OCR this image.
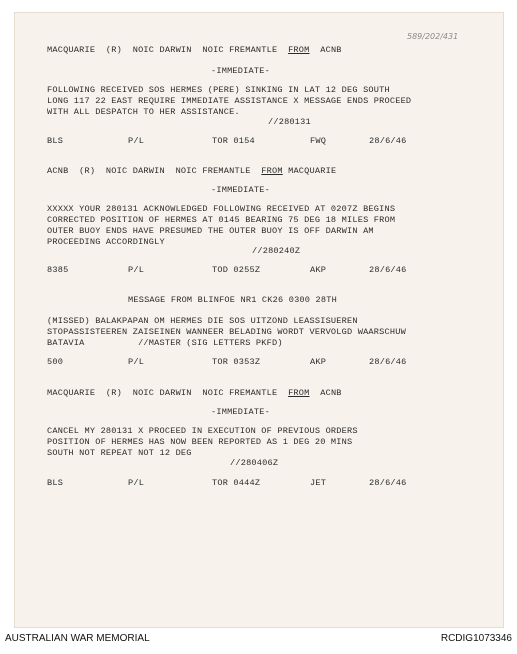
589/202/431
MACQUARIE  (R)  NOIC DARWIN  NOIC FREMANTLE  FROM  ACNB
-IMMEDIATE-
FOLLOWING RECEIVED SOS HERMES (PERE) SINKING IN LAT 12 DEG SOUTH
LONG 117 22 EAST REQUIRE IMMEDIATE ASSISTANCE X MESSAGE ENDS PROCEED
WITH ALL DESPATCH TO HER ASSISTANCE.
//280131
BLS	P/L	TOR 0154	FWQ	28/6/46
ACNB  (R)  NOIC DARWIN  NOIC FREMANTLE  FROM MACQUARIE
-IMMEDIATE-
XXXXX YOUR 280131 ACKNOWLEDGED FOLLOWING RECEIVED AT 0207Z BEGINS
CORRECTED POSITION OF HERMES AT 0145 BEARING 75 DEG 18 MILES FROM
OUTER BUOY ENDS HAVE PRESUMED THE OUTER BUOY IS OFF DARWIN AM
PROCEEDING ACCORDINGLY
//280240Z
8385	P/L	TOD 0255Z	AKP	28/6/46
MESSAGE FROM BLINFOE NR1 CK26 0300 28TH
(MISSED) BALAKPAPAN OM HERMES DIE SOS UITZOND LEASSISUEREN
STOPASSISTEEREN ZAISEINEN WANNEER BELADING WORDT VERVOLGD WAARSCHUW
BATAVIA          //MASTER (SIG LETTERS PKFD)
500	P/L	TOR 0353Z	AKP	28/6/46
MACQUARIE  (R)  NOIC DARWIN  NOIC FREMANTLE  FROM  ACNB
-IMMEDIATE-
CANCEL MY 280131 X PROCEED IN EXECUTION OF PREVIOUS ORDERS
POSITION OF HERMES HAS NOW BEEN REPORTED AS 1 DEG 20 MINS
SOUTH NOT REPEAT NOT 12 DEG
//280406Z
BLS	P/L	TOR 0444Z	JET	28/6/46
AUSTRALIAN WAR MEMORIAL	RCDIG1073346
